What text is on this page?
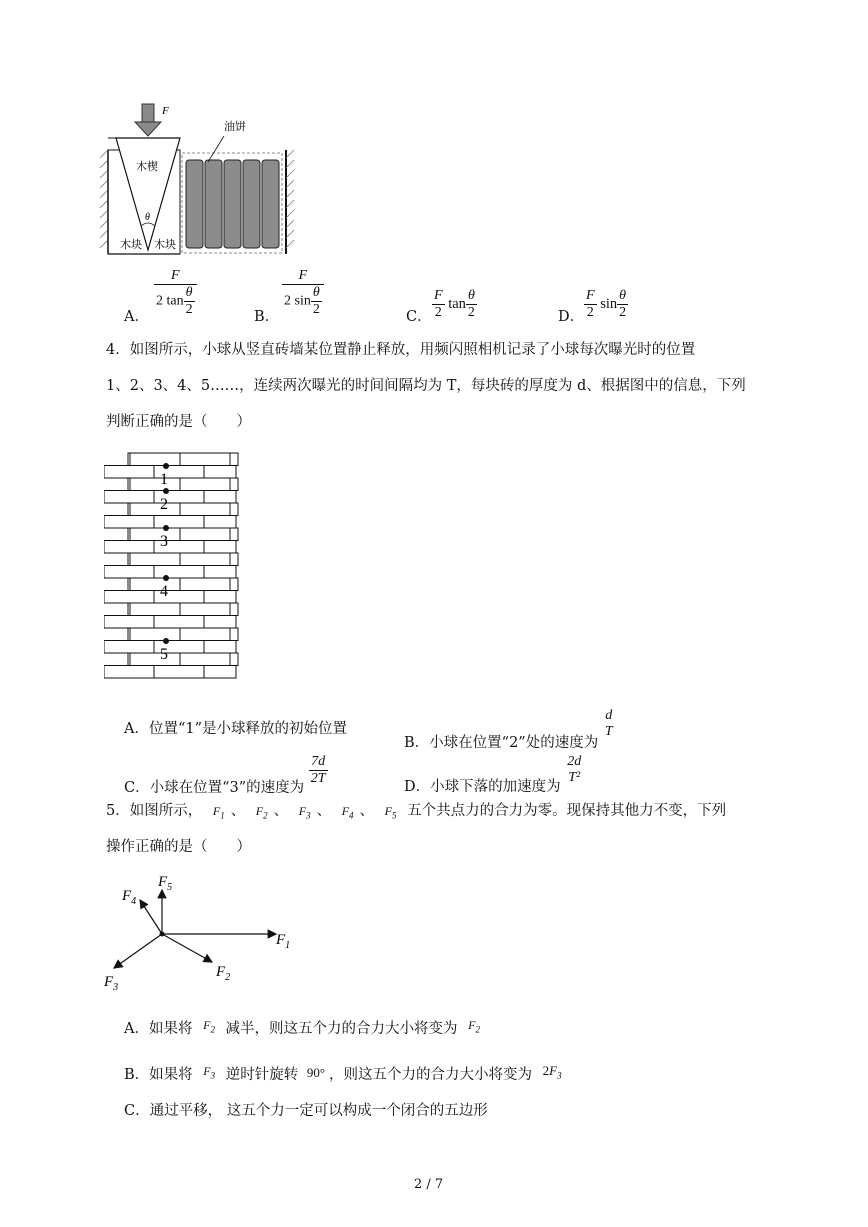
F
油饼
木楔
θ
木块 木块
A． $\frac{F}{2 \tan \frac{\theta}{2}}$	B． $\frac{F}{2 \sin \frac{\theta}{2}}$	C． $\frac{F}{2}$ $\tan \frac{\theta}{2}$	D． $\frac{F}{2}$ $\sin \frac{\theta}{2}$
4．如图所示，小球从竖直砖墙某位置静止释放，用频闪照相机记录了小球每次曝光时的位置
1、2、3、4、5……，连续两次曝光的时间间隔均为 T，每块砖的厚度为 d、根据图中的信息，下列
判断正确的是（　　）
1
2
3
4
5
A．位置“1”是小球释放的初始位置
B．小球在位置“2”处的速度为
d
T
C．小球在位置“3”的速度为
$\frac{7d}{2T}$	D．小球下落的加速度为
2d
T²
5．如图所示， $F_1$ 、 $F_2$ 、 $F_3$ 、 $F_4$ 、 $F_5$ 五个共点力的合力为零。现保持其他力不变，下列
操作正确的是（　　）
$F_1$
$F_2$
$F_3$
$F_4$
$F_5$
A．如果将 $^{F_2}$ 减半，则这五个力的合力大小将变为 $^{F_2}$
B．如果将 $^{F_3}$ 逆时针旋转 90° ，则这五个力的合力大小将变为 $2F_3$
C．通过平移， 这五个力一定可以构成一个闭合的五边形
2 / 7
